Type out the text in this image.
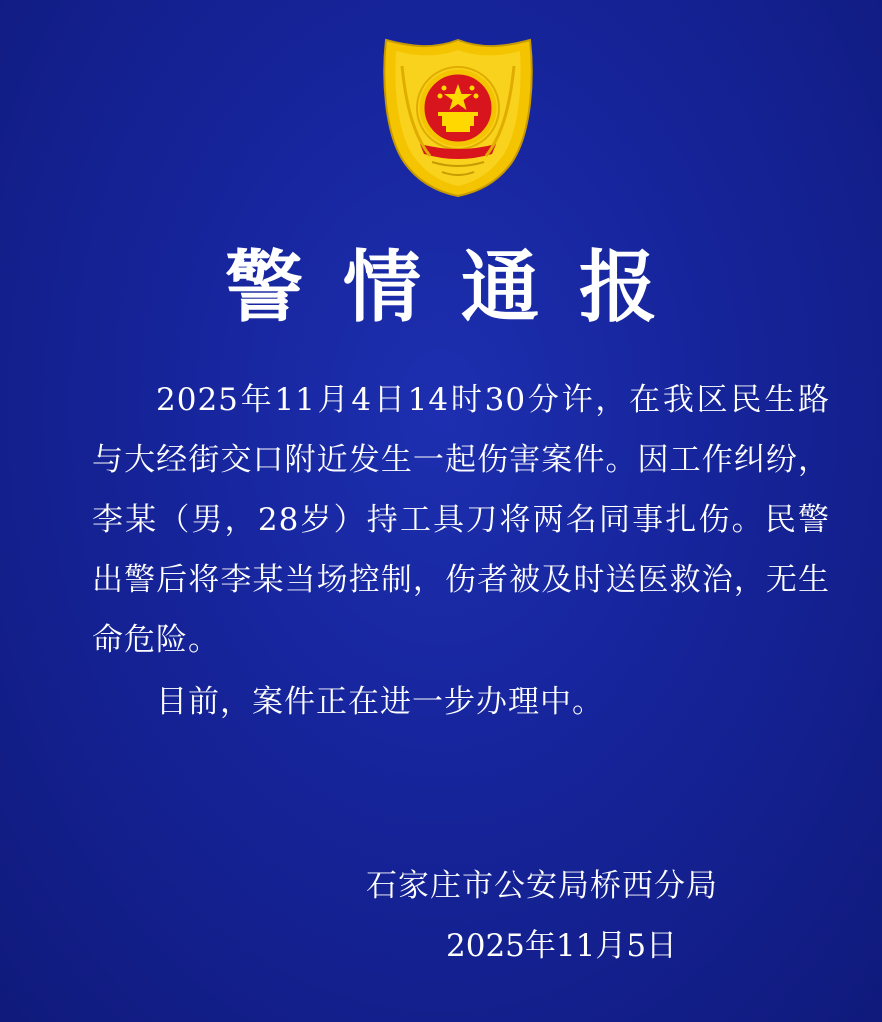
警情通报

2025年11月4日14时30分许，在我区民生路与大经街交口附近发生一起伤害案件。因工作纠纷，李某（男，28岁）持工具刀将两名同事扎伤。民警出警后将李某当场控制，伤者被及时送医救治，无生命危险。

目前，案件正在进一步办理中。

石家庄市公安局桥西分局
2025年11月5日
